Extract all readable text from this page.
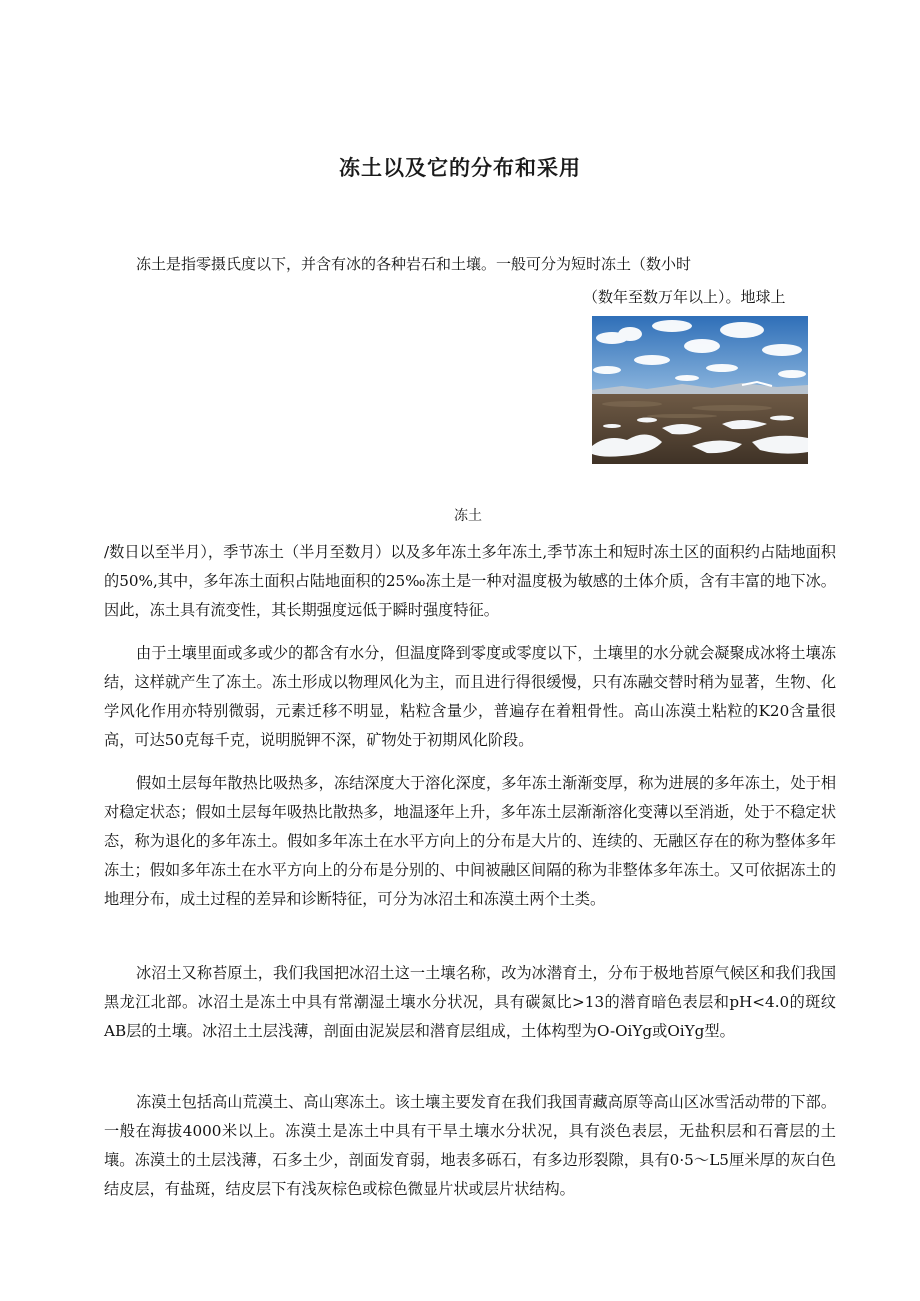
冻土以及它的分布和采用
冻土是指零摄氏度以下，并含有冰的各种岩石和土壤。一般可分为短时冻土（数小时
（数年至数万年以上）。地球上
冻土

/数日以至半月），季节冻土（半月至数月）以及多年冻土多年冻土,季节冻土和短时冻土区的面积约占陆地面积的50%,其中，多年冻土面积占陆地面积的25‰冻土是一种对温度极为敏感的土体介质，含有丰富的地下冰。因此，冻土具有流变性，其长期强度远低于瞬时强度特征。

由于土壤里面或多或少的都含有水分，但温度降到零度或零度以下，土壤里的水分就会凝聚成冰将土壤冻结，这样就产生了冻土。冻土形成以物理风化为主，而且进行得很缓慢，只有冻融交替时稍为显著，生物、化学风化作用亦特别微弱，元素迁移不明显，粘粒含量少，普遍存在着粗骨性。高山冻漠土粘粒的K20含量很高，可达50克每千克，说明脱钾不深，矿物处于初期风化阶段。

假如土层每年散热比吸热多，冻结深度大于溶化深度，多年冻土渐渐变厚，称为进展的多年冻土，处于相对稳定状态；假如土层每年吸热比散热多，地温逐年上升，多年冻土层渐渐溶化变薄以至消逝，处于不稳定状态，称为退化的多年冻土。假如多年冻土在水平方向上的分布是大片的、连续的、无融区存在的称为整体多年冻土；假如多年冻土在水平方向上的分布是分别的、中间被融区间隔的称为非整体多年冻土。又可依据冻土的地理分布，成土过程的差异和诊断特征，可分为冰沼土和冻漠土两个土类。

冰沼土又称苔原土，我们我国把冰沼土这一土壤名称，改为冰潜育土，分布于极地苔原气候区和我们我国黑龙江北部。冰沼土是冻土中具有常潮湿土壤水分状况，具有碳氮比>13的潜育暗色表层和pH<4.0的斑纹AB层的土壤。冰沼土土层浅薄，剖面由泥炭层和潜育层组成，土体构型为O-OiYg或OiYg型。

冻漠土包括高山荒漠土、高山寒冻土。该土壤主要发育在我们我国青藏高原等高山区冰雪活动带的下部。一般在海拔4000米以上。冻漠土是冻土中具有干旱土壤水分状况，具有淡色表层，无盐积层和石膏层的土壤。冻漠土的土层浅薄，石多土少，剖面发育弱，地表多砾石，有多边形裂隙，具有0·5～L5厘米厚的灰白色结皮层，有盐斑，结皮层下有浅灰棕色或棕色微显片状或层片状结构。
